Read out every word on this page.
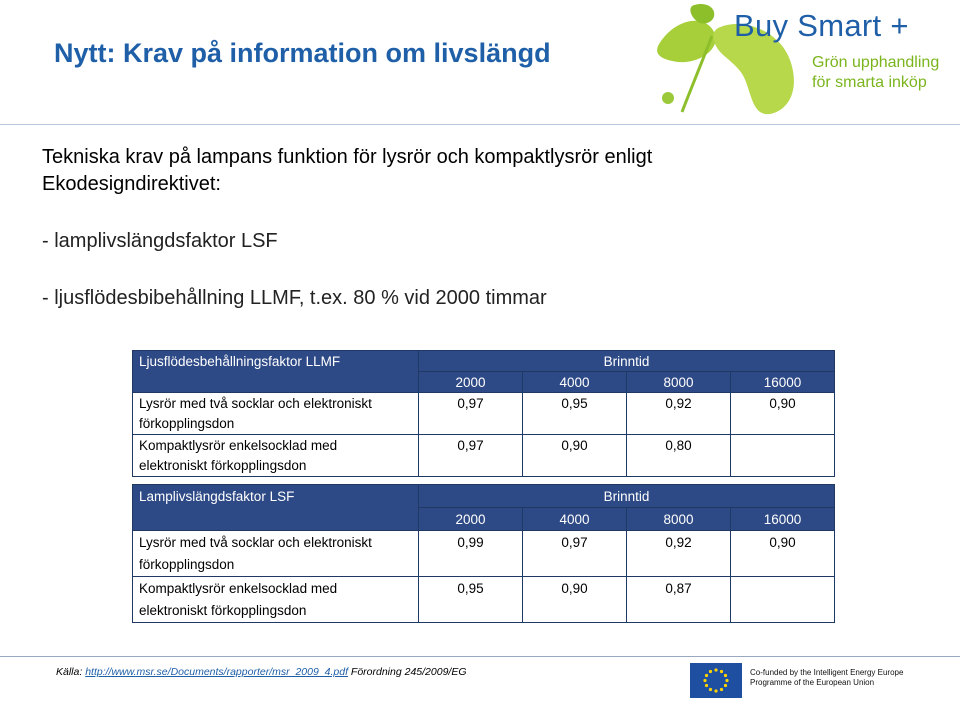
Nytt: Krav på information om livslängd
Buy Smart +
Grön upphandling
för smarta inköp
Tekniska krav på lampans funktion för lysrör och kompaktlysrör enligt
Ekodesigndirektivet:
- lamplivslängdsfaktor LSF
- ljusflödesbibehållning LLMF, t.ex. 80 % vid 2000 timmar
Ljusflödesbehållningsfaktor LLMF	Brinntid			
	2000	4000	8000	16000
Lysrör med två socklar och elektroniskt	0,97	0,95	0,92	0,90
förkopplingsdon				
Kompaktlysrör enkelsocklad med	0,97	0,90	0,80	
elektroniskt förkopplingsdon				
Lamplivslängdsfaktor LSF	Brinntid			
	2000	4000	8000	16000
Lysrör med två socklar och elektroniskt	0,99	0,97	0,92	0,90
förkopplingsdon				
Kompaktlysrör enkelsocklad med	0,95	0,90	0,87	
elektroniskt förkopplingsdon				
Källa: http://www.msr.se/Documents/rapporter/msr_2009_4.pdf Förordning 245/2009/EG	Co-funded by the Intelligent Energy Europe
Programme of the European Union
